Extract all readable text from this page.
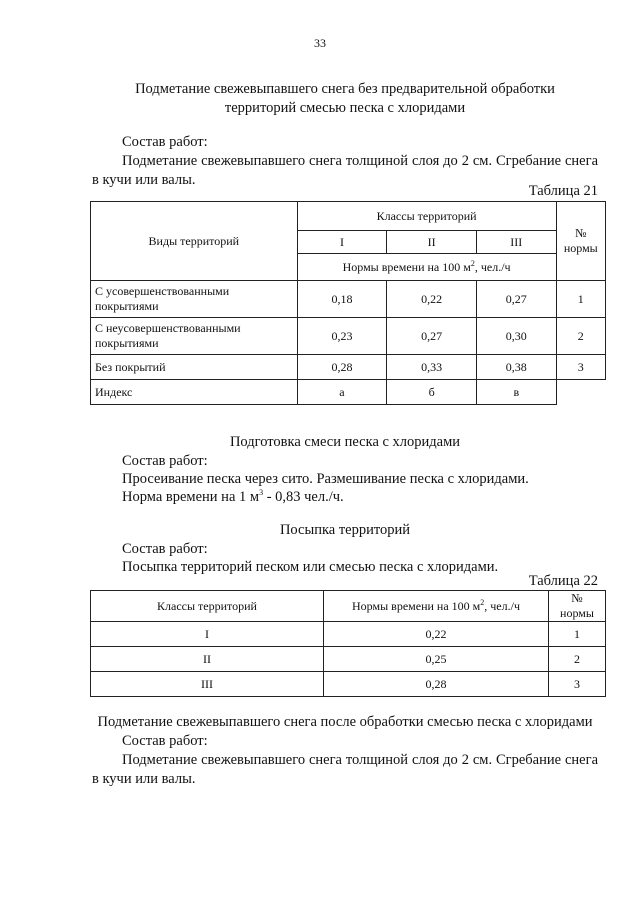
33
Подметание свежевыпавшего снега без предварительной обработки
территорий смесью песка с хлоридами
Состав работ:
Подметание свежевыпавшего снега толщиной слоя до 2 см. Сгребание снега в кучи или валы.
Таблица 21
Виды территорий	Классы территорий			№ нормы
	I	II	III	
	Нормы времени на 100 $м^2$, чел./ч			
С усовершенствованными покрытиями	0,18	0,22	0,27	1
С неусовершенствованными покрытиями	0,23	0,27	0,30	2
Без покрытий	0,28	0,33	0,38	3
Индекс	а	б	в	
Подготовка смеси песка с хлоридами
Состав работ:
Просеивание песка через сито. Размешивание песка с хлоридами.
Норма времени на 1 $м^3 - 0,83$ чел./ч.
Посыпка территорий
Состав работ:
Посыпка территорий песком или смесью песка с хлоридами.
Таблица 22
Классы территорий	Нормы времени на 100 $м^2$, чел./ч	№ нормы
I	0,22	1
II	0,25	2
III	0,28	3
Подметание свежевыпавшего снега после обработки смесью песка с хлоридами
Состав работ:
Подметание свежевыпавшего снега толщиной слоя до 2 см. Сгребание снега в кучи или валы.
